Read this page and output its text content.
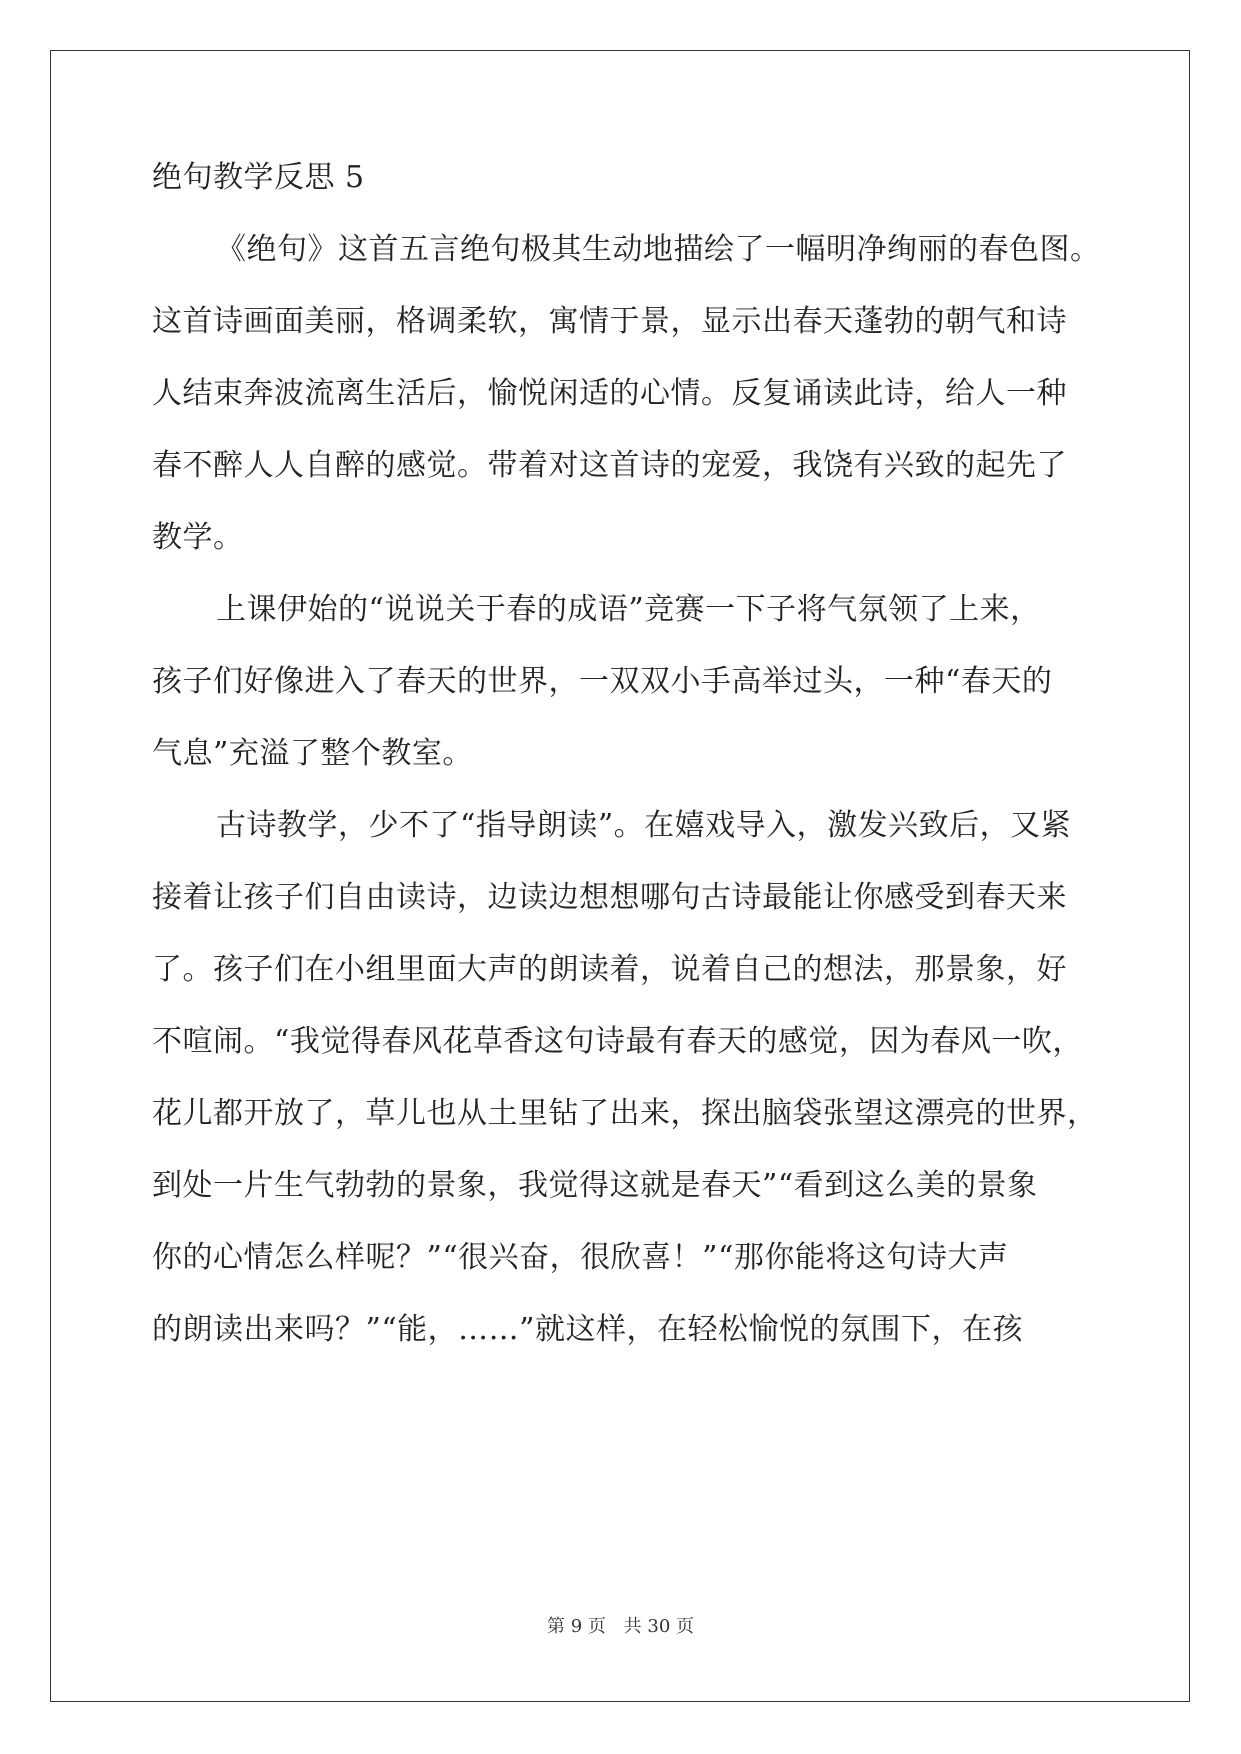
绝句教学反思 5
《绝句》这首五言绝句极其生动地描绘了一幅明净绚丽的春色图。
这首诗画面美丽，格调柔软，寓情于景，显示出春天蓬勃的朝气和诗
人结束奔波流离生活后，愉悦闲适的心情。反复诵读此诗，给人一种
春不醉人人自醉的感觉。带着对这首诗的宠爱，我饶有兴致的起先了
教学。
上课伊始的“说说关于春的成语”竞赛一下子将气氛领了上来，
孩子们好像进入了春天的世界，一双双小手高举过头，一种“春天的
气息”充溢了整个教室。
古诗教学，少不了“指导朗读”。在嬉戏导入，激发兴致后，又紧
接着让孩子们自由读诗，边读边想想哪句古诗最能让你感受到春天来
了。孩子们在小组里面大声的朗读着，说着自己的想法，那景象，好
不喧闹。“我觉得春风花草香这句诗最有春天的感觉，因为春风一吹，
花儿都开放了，草儿也从土里钻了出来，探出脑袋张望这漂亮的世界，
到处一片生气勃勃的景象，我觉得这就是春天”“看到这么美的景象
你的心情怎么样呢？”“很兴奋，很欣喜！”“那你能将这句诗大声
的朗读出来吗？”“能，……”就这样，在轻松愉悦的氛围下，在孩
第 9 页 共 30 页
